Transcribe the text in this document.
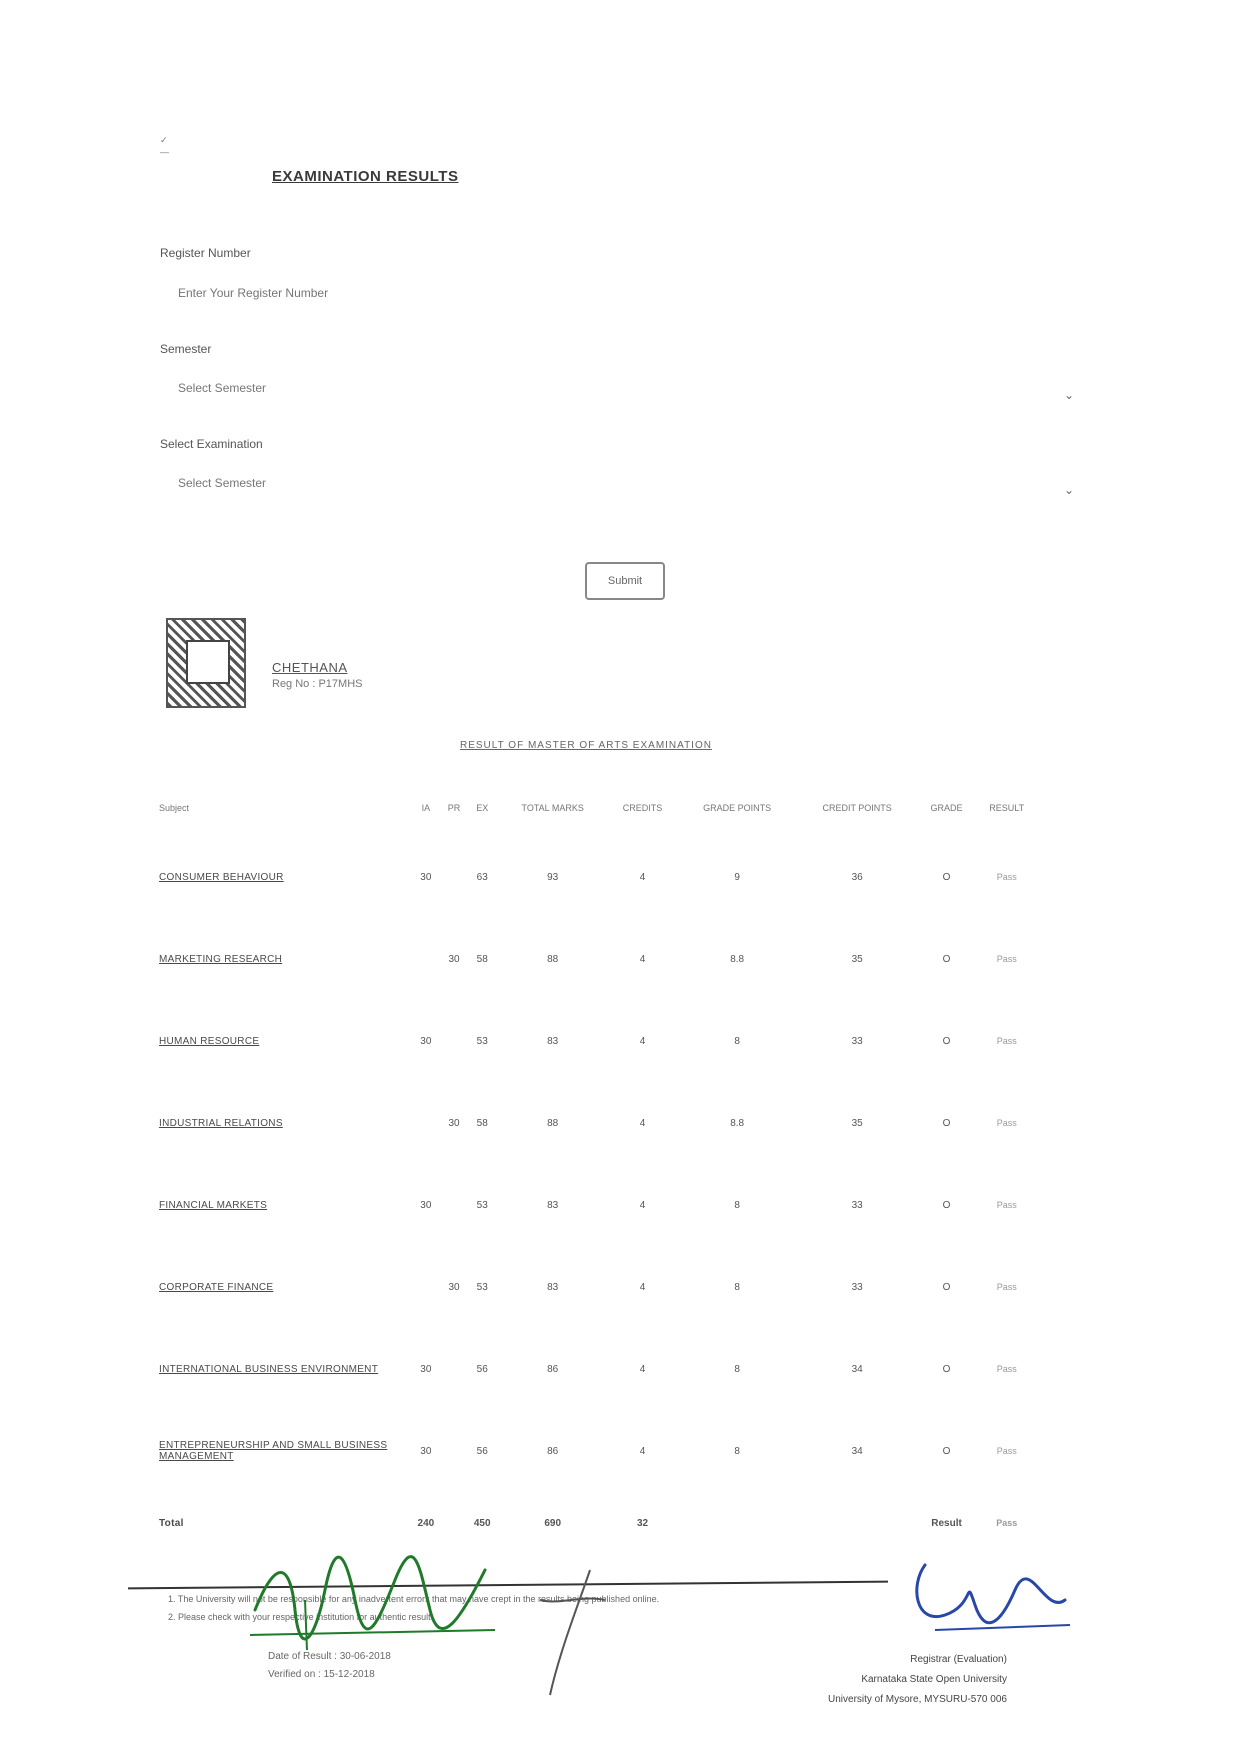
✓
—
EXAMINATION RESULTS
Register Number
Enter Your Register Number
Semester
Select Semester	⌄
Select Examination
Select Semester	⌄
Submit
CHETHANA
Reg No : P17MHS
RESULT OF MASTER OF ARTS EXAMINATION
Subject	IA	PR	EX	TOTAL MARKS	CREDITS	GRADE POINTS	CREDIT POINTS	GRADE	RESULT
CONSUMER BEHAVIOUR	30		63	93	4	9	36	O	Pass
MARKETING RESEARCH		30	58	88	4	8.8	35	O	Pass
HUMAN RESOURCE	30		53	83	4	8	33	O	Pass
INDUSTRIAL RELATIONS		30	58	88	4	8.8	35	O	Pass
FINANCIAL MARKETS	30		53	83	4	8	33	O	Pass
CORPORATE FINANCE		30	53	83	4	8	33	O	Pass
INTERNATIONAL BUSINESS ENVIRONMENT	30		56	86	4	8	34	O	Pass
ENTREPRENEURSHIP AND SMALL BUSINESS MANAGEMENT	30		56	86	4	8	34	O	Pass
Total	240		450	690	32			Result	Pass
1. The University will not be responsible for any inadvertent errors that may have crept in the results being published online.
2. Please check with your respective institution for authentic result.
Date of Result : 30-06-2018
Verified on : 15-12-2018
Registrar (Evaluation)
Karnataka State Open University
University of Mysore, MYSURU-570 006
